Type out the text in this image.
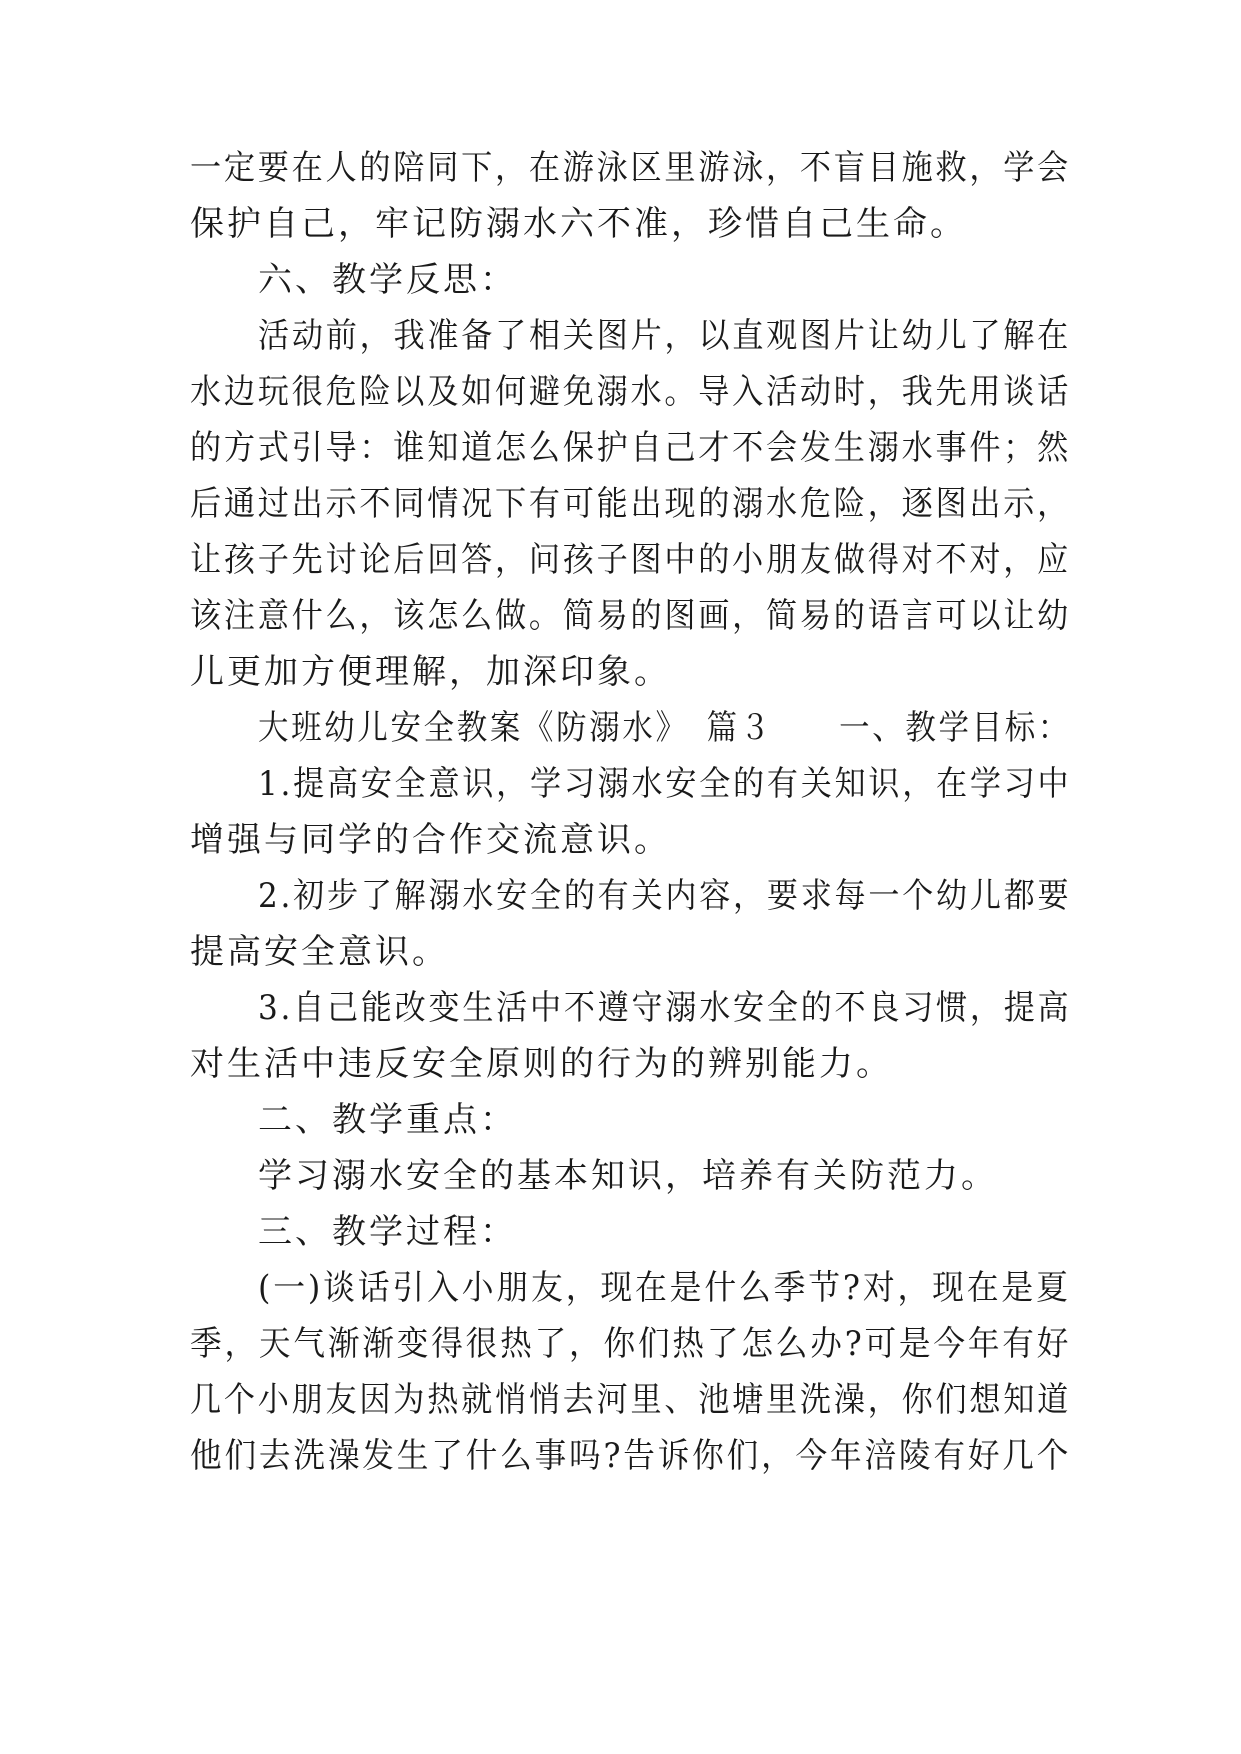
一定要在人的陪同下，在游泳区里游泳，不盲目施救，学会
保护自己，牢记防溺水六不准，珍惜自己生命。
六、教学反思：
活动前，我准备了相关图片，以直观图片让幼儿了解在
水边玩很危险以及如何避免溺水。导入活动时，我先用谈话
的方式引导：谁知道怎么保护自己才不会发生溺水事件；然
后通过出示不同情况下有可能出现的溺水危险，逐图出示，
让孩子先讨论后回答，问孩子图中的小朋友做得对不对，应
该注意什么，该怎么做。简易的图画，简易的语言可以让幼
儿更加方便理解，加深印象。
大班幼儿安全教案《防溺水》　篇３　　一、教学目标：
1.提高安全意识，学习溺水安全的有关知识，在学习中
增强与同学的合作交流意识。
2.初步了解溺水安全的有关内容，要求每一个幼儿都要
提高安全意识。
3.自己能改变生活中不遵守溺水安全的不良习惯，提高
对生活中违反安全原则的行为的辨别能力。
二、教学重点：
学习溺水安全的基本知识，培养有关防范力。
三、教学过程：
(一)谈话引入小朋友，现在是什么季节?对，现在是夏
季，天气渐渐变得很热了，你们热了怎么办?可是今年有好
几个小朋友因为热就悄悄去河里、池塘里洗澡，你们想知道
他们去洗澡发生了什么事吗?告诉你们，今年涪陵有好几个
